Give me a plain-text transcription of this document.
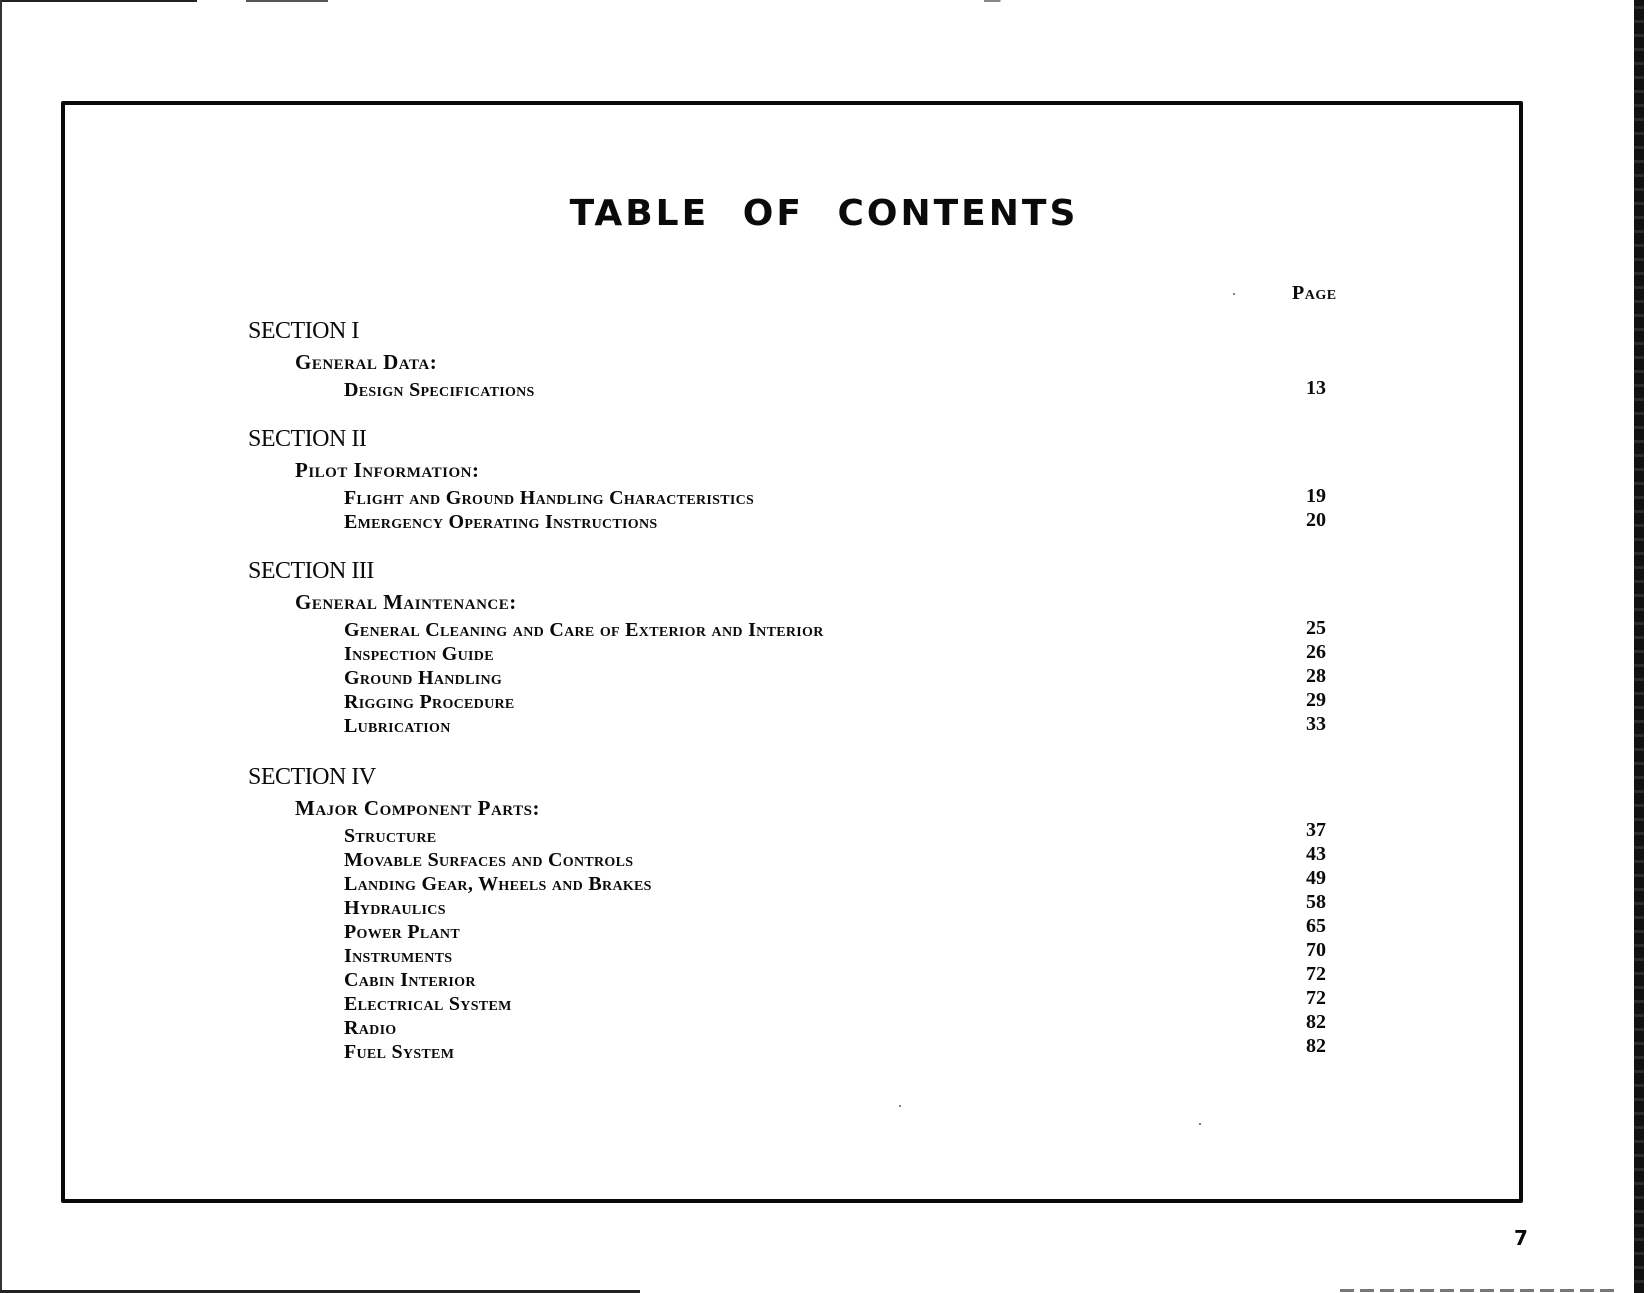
TABLE OF CONTENTS
Page
SECTION I
General Data:
Design Specifications	13
SECTION II
Pilot Information:
Flight and Ground Handling Characteristics	19
Emergency Operating Instructions	20
SECTION III
General Maintenance:
General Cleaning and Care of Exterior and Interior	25
Inspection Guide	26
Ground Handling	28
Rigging Procedure	29
Lubrication	33
SECTION IV
Major Component Parts:
Structure	37
Movable Surfaces and Controls	43
Landing Gear, Wheels and Brakes	49
Hydraulics	58
Power Plant	65
Instruments	70
Cabin Interior	72
Electrical System	72
Radio	82
Fuel System	82
7
